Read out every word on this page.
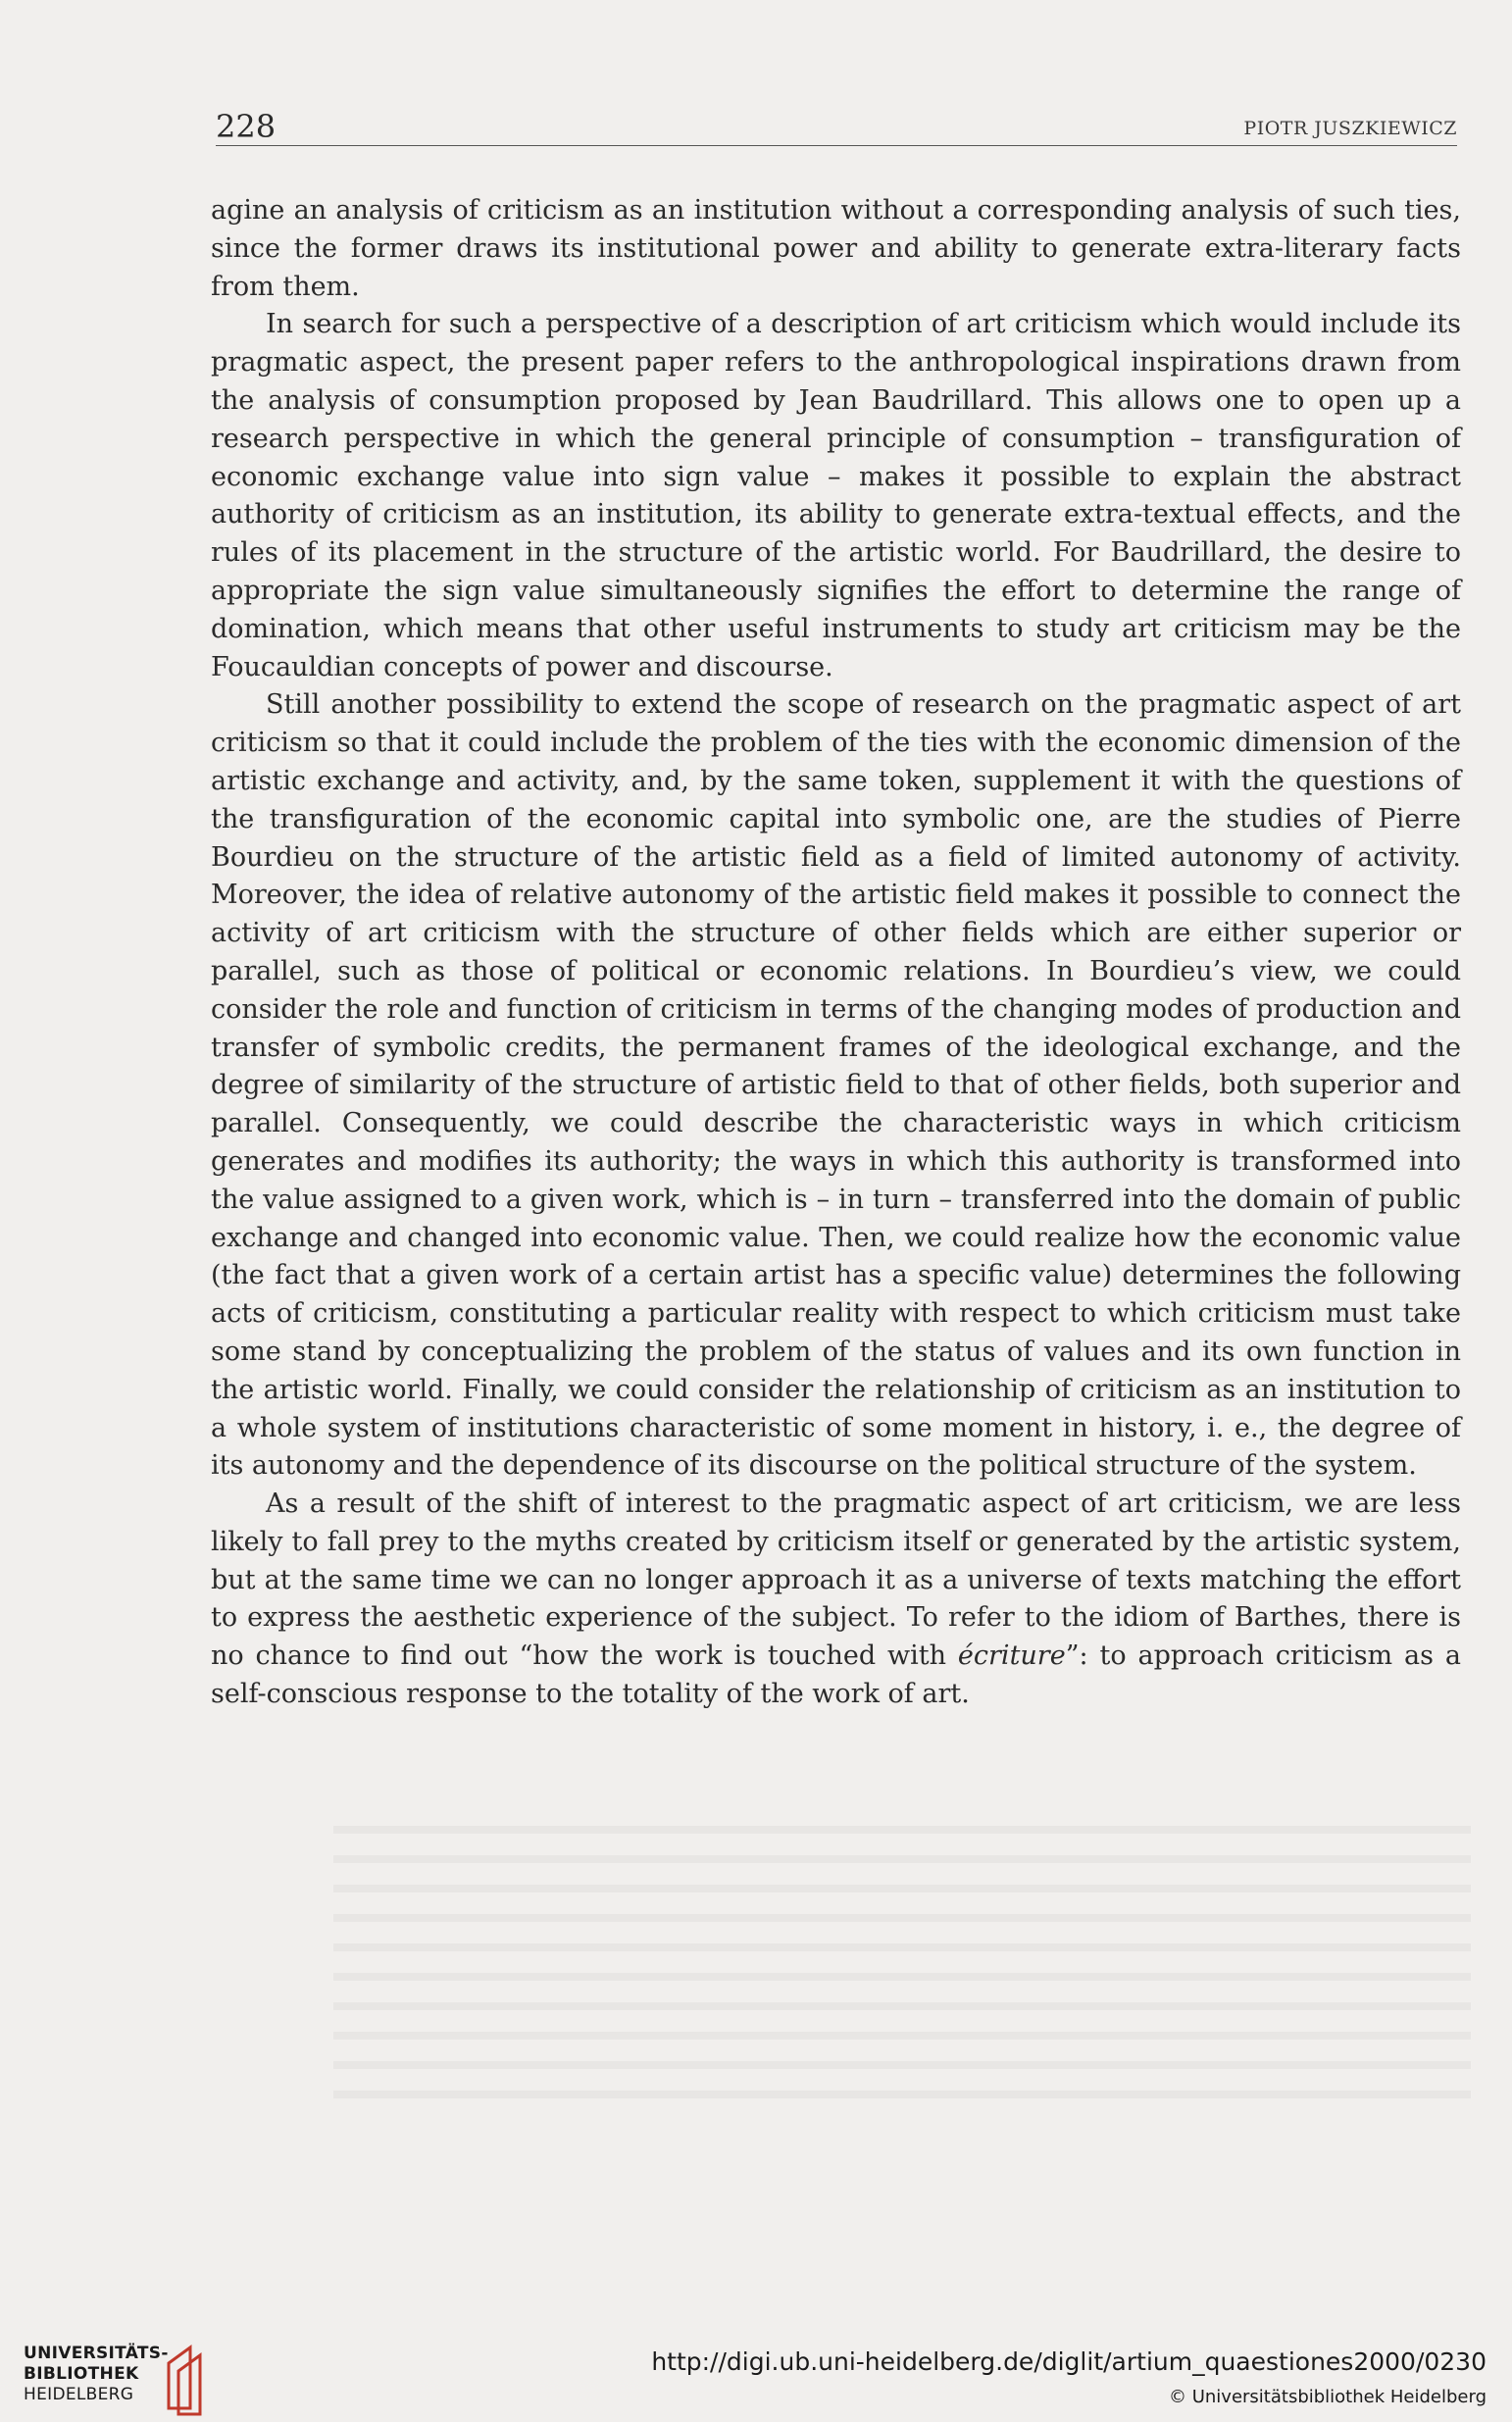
228	PIOTR JUSZKIEWICZ

agine an analysis of criticism as an institution without a corresponding analysis of such ties, since the former draws its institutional power and ability to generate extra-literary facts from them.

In search for such a perspective of a description of art criticism which would include its pragmatic aspect, the present paper refers to the anthropological inspirations drawn from the analysis of consumption proposed by Jean Baudrillard. This allows one to open up a research perspective in which the general principle of consumption – transfiguration of economic exchange value into sign value – makes it possible to explain the abstract authority of criticism as an institution, its ability to generate extra-textual effects, and the rules of its placement in the structure of the artistic world. For Baudrillard, the desire to appropriate the sign value simultaneously signifies the effort to determine the range of domination, which means that other useful instruments to study art criticism may be the Foucauldian concepts of power and discourse.

Still another possibility to extend the scope of research on the pragmatic aspect of art criticism so that it could include the problem of the ties with the economic dimension of the artistic exchange and activity, and, by the same token, supplement it with the questions of the transfiguration of the economic capital into symbolic one, are the studies of Pierre Bourdieu on the structure of the artistic field as a field of limited autonomy of activity. Moreover, the idea of relative autonomy of the artistic field makes it possible to connect the activity of art criticism with the structure of other fields which are either superior or parallel, such as those of political or economic relations. In Bourdieu’s view, we could consider the role and function of criticism in terms of the changing modes of production and transfer of symbolic credits, the permanent frames of the ideological exchange, and the degree of similarity of the structure of artistic field to that of other fields, both superior and parallel. Consequently, we could describe the characteristic ways in which criticism generates and modifies its authority; the ways in which this authority is transformed into the value assigned to a given work, which is – in turn – transferred into the domain of public exchange and changed into economic value. Then, we could realize how the economic value (the fact that a given work of a certain artist has a specific value) determines the following acts of criticism, constituting a particular reality with respect to which criticism must take some stand by conceptualizing the problem of the status of values and its own function in the artistic world. Finally, we could consider the relationship of criticism as an institution to a whole system of institutions characteristic of some moment in history, i. e., the degree of its autonomy and the dependence of its discourse on the political structure of the system.

As a result of the shift of interest to the pragmatic aspect of art criticism, we are less likely to fall prey to the myths created by criticism itself or generated by the artistic system, but at the same time we can no longer approach it as a universe of texts matching the effort to express the aesthetic experience of the subject. To refer to the idiom of Barthes, there is no chance to find out “how the work is touched with écriture”: to approach criticism as a self-conscious response to the totality of the work of art.

UNIVERSITÄTS-
BIBLIOTHEK
HEIDELBERG
http://digi.ub.uni-heidelberg.de/diglit/artium_quaestiones2000/0230
© Universitätsbibliothek Heidelberg
